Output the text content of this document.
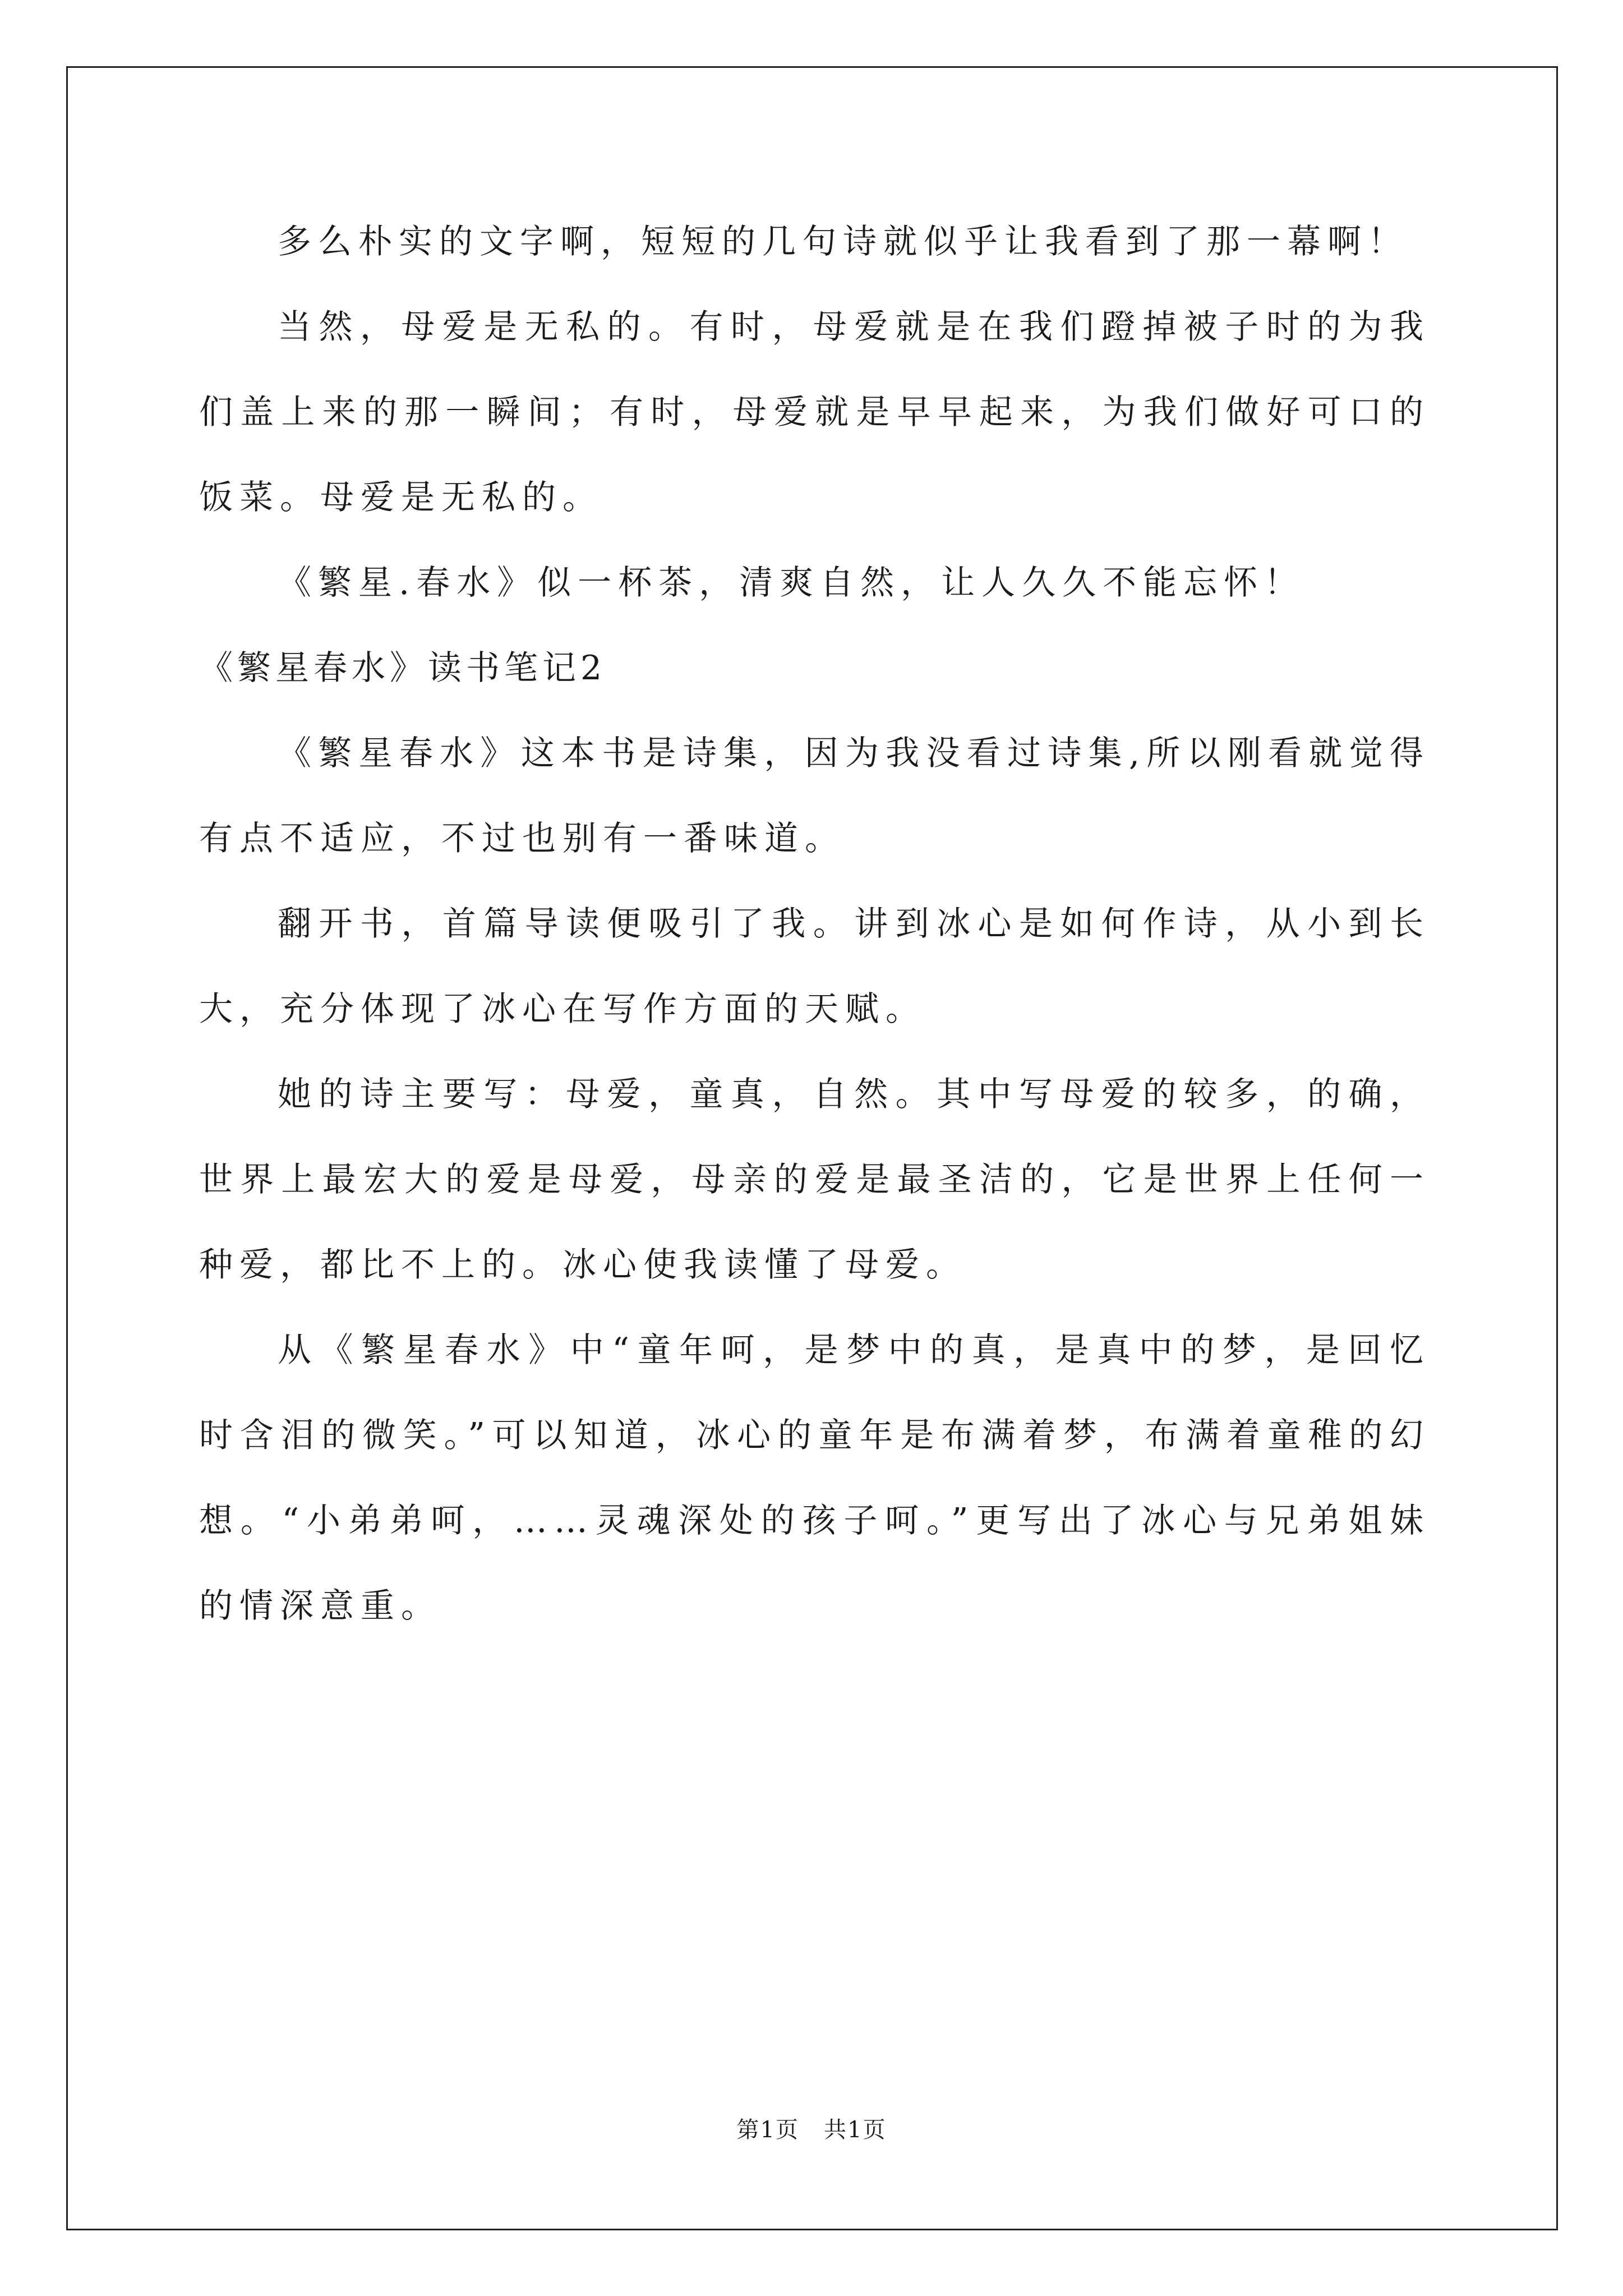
多么朴实的文字啊，短短的几句诗就似乎让我看到了那一幕啊！

当然，母爱是无私的。有时，母爱就是在我们蹬掉被子时的为我们盖上来的那一瞬间；有时，母爱就是早早起来，为我们做好可口的饭菜。母爱是无私的。

《繁星.春水》似一杯茶，清爽自然，让人久久不能忘怀！

《繁星春水》读书笔记2

《繁星春水》这本书是诗集，因为我没看过诗集,所以刚看就觉得有点不适应，不过也别有一番味道。

翻开书，首篇导读便吸引了我。讲到冰心是如何作诗，从小到长大，充分体现了冰心在写作方面的天赋。

她的诗主要写：母爱，童真，自然。其中写母爱的较多，的确，世界上最宏大的爱是母爱，母亲的爱是最圣洁的，它是世界上任何一种爱，都比不上的。冰心使我读懂了母爱。

从《繁星春水》中“童年呵，是梦中的真，是真中的梦，是回忆时含泪的微笑。”可以知道，冰心的童年是布满着梦，布满着童稚的幻想。“小弟弟呵，……灵魂深处的孩子呵。”更写出了冰心与兄弟姐妹的情深意重。

第1页 共1页
